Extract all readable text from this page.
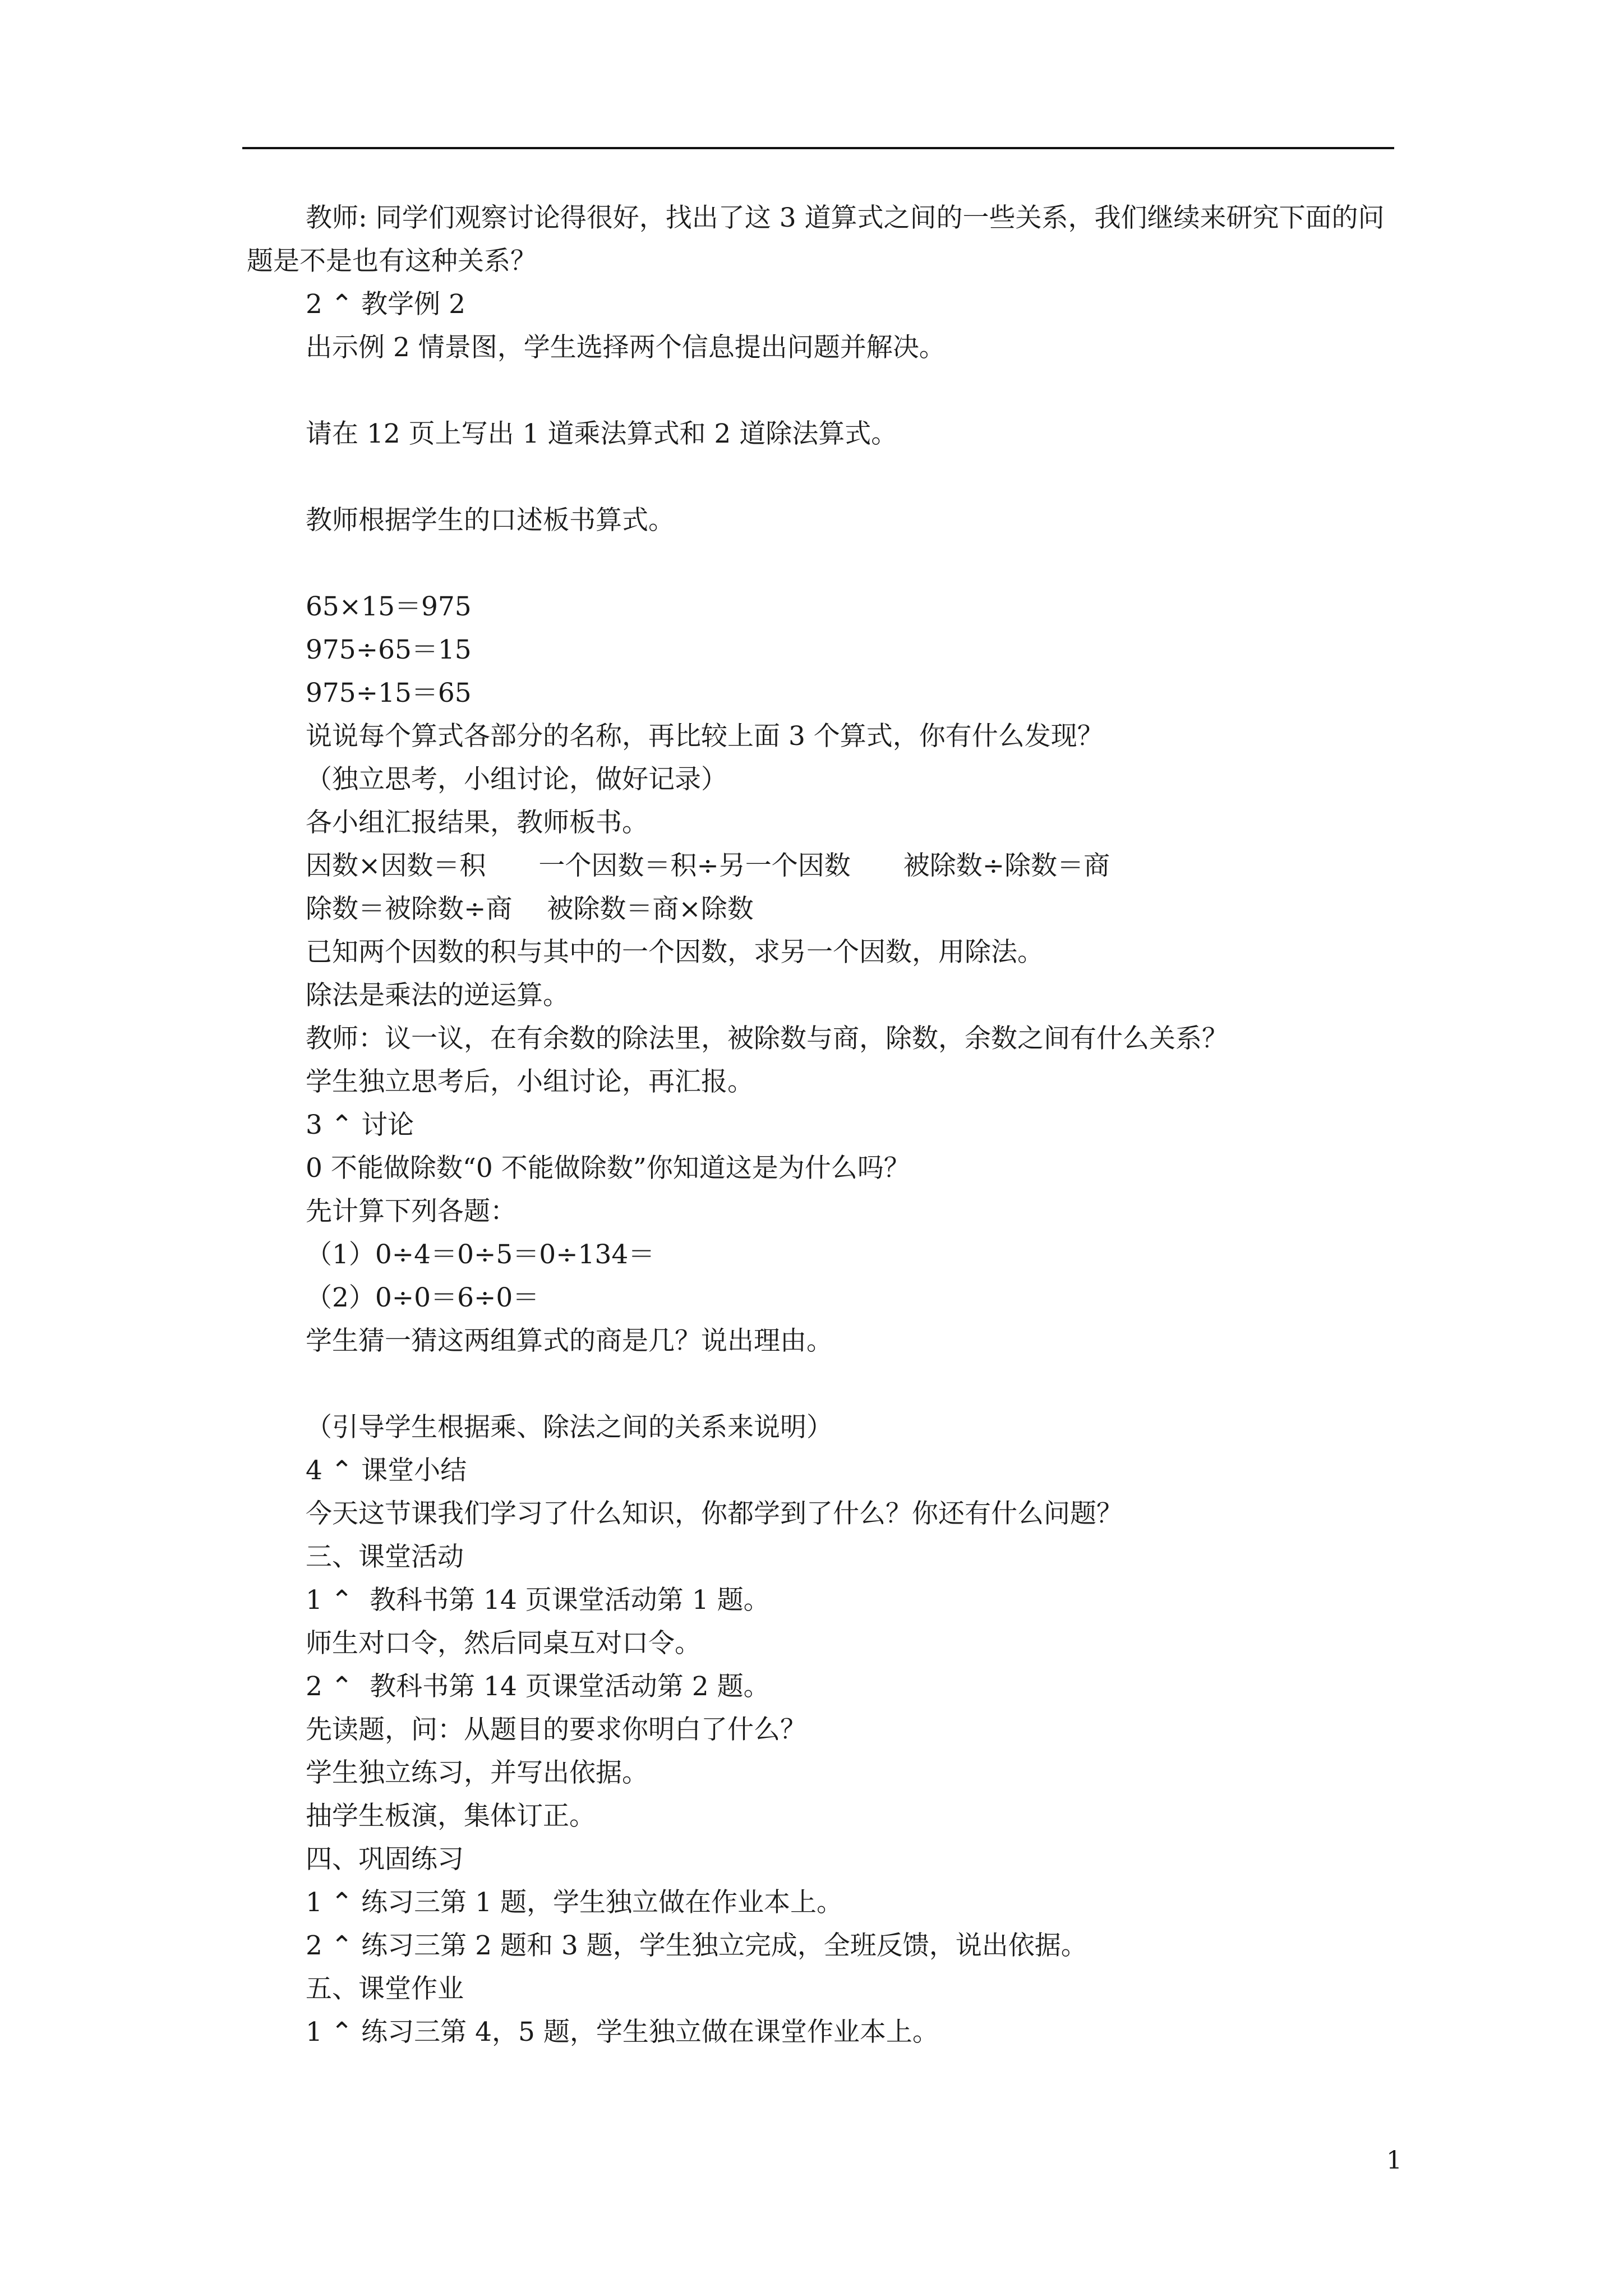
教师: 同学们观察讨论得很好，找出了这 3 道算式之间的一些关系，我们继续来研究下面的问题是不是也有这种关系？
2 ⌃ 教学例 2
出示例 2 情景图，学生选择两个信息提出问题并解决。
请在 12 页上写出 1 道乘法算式和 2 道除法算式。
教师根据学生的口述板书算式。
65×15＝975
975÷65＝15
975÷15＝65
说说每个算式各部分的名称，再比较上面 3 个算式，你有什么发现？
（独立思考，小组讨论，做好记录）
各小组汇报结果，教师板书。
因数×因数＝积　　一个因数＝积÷另一个因数　　被除数÷除数＝商
除数＝被除数÷商　 被除数＝商×除数
已知两个因数的积与其中的一个因数，求另一个因数，用除法。
除法是乘法的逆运算。
教师：议一议，在有余数的除法里，被除数与商，除数，余数之间有什么关系？
学生独立思考后，小组讨论，再汇报。
3 ⌃ 讨论
0 不能做除数“0 不能做除数”你知道这是为什么吗？
先计算下列各题：
（1）0÷4＝0÷5＝0÷134＝
（2）0÷0＝6÷0＝
学生猜一猜这两组算式的商是几？说出理由。
（引导学生根据乘、除法之间的关系来说明）
4 ⌃ 课堂小结
今天这节课我们学习了什么知识，你都学到了什么？你还有什么问题？
三、课堂活动
1 ⌃  教科书第 14 页课堂活动第 1 题。
师生对口令，然后同桌互对口令。
2 ⌃  教科书第 14 页课堂活动第 2 题。
先读题，问：从题目的要求你明白了什么？
学生独立练习，并写出依据。
抽学生板演，集体订正。
四、巩固练习
1 ⌃ 练习三第 1 题，学生独立做在作业本上。
2 ⌃ 练习三第 2 题和 3 题，学生独立完成，全班反馈，说出依据。
五、课堂作业
1 ⌃ 练习三第 4，5 题，学生独立做在课堂作业本上。
1
